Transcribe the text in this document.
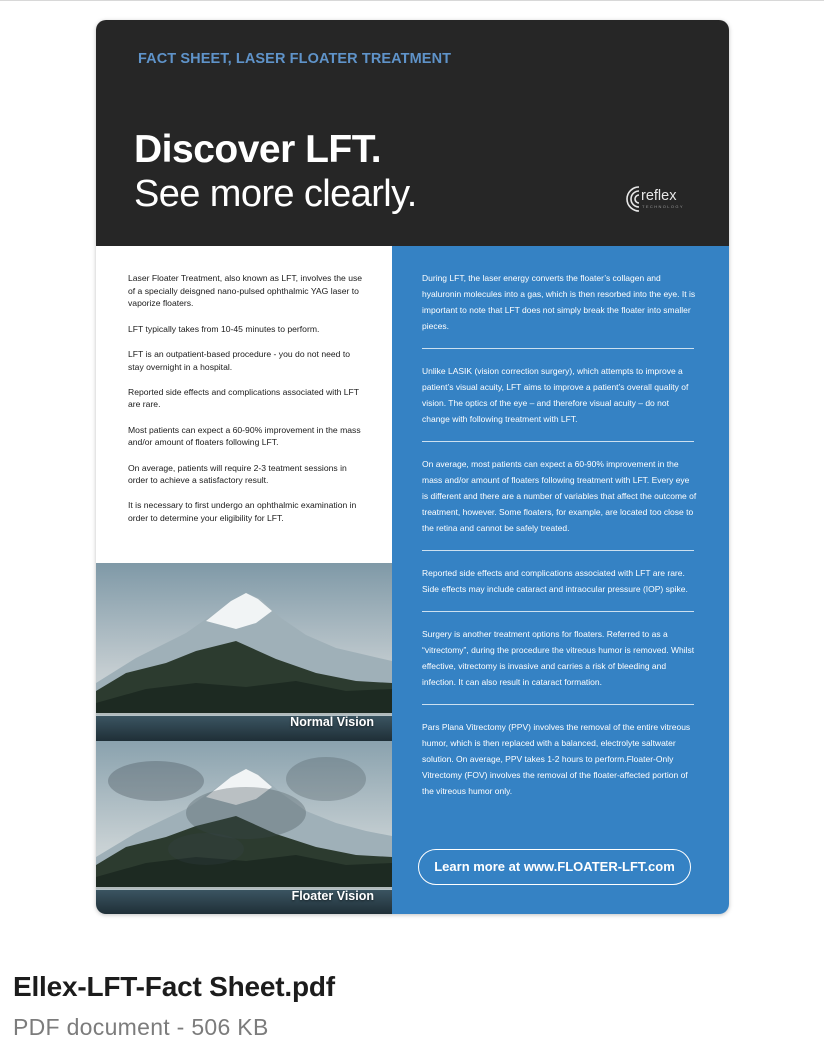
FACT SHEET, LASER FLOATER TREATMENT
Discover LFT.
See more clearly.	reflex
TECHNOLOGY

Laser Floater Treatment, also known as LFT, involves the use of a specially deisgned nano-pulsed ophthalmic YAG laser to vaporize floaters.

LFT typically takes from 10-45 minutes to perform.

LFT is an outpatient-based procedure - you do not need to stay overnight in a hospital.

Reported side effects and complications associated with LFT are rare.

Most patients can expect a 60-90% improvement in the mass and/or amount of floaters following LFT.

On average, patients will require 2-3 teatment sessions in order to achieve a satisfactory result.

It is necessary to first undergo an ophthalmic examination in order to determine your eligibility for LFT.

Normal Vision
Floater Vision
During LFT, the laser energy converts the floater’s collagen and hyaluronin molecules into a gas, which is then resorbed into the eye. It is important to note that LFT does not simply break the floater into smaller pieces.
Unlike LASIK (vision correction surgery), which attempts to improve a patient’s visual acuity, LFT aims to improve a patient’s overall quality of vision. The optics of the eye – and therefore visual acuity – do not change with following treatment with LFT.
On average, most patients can expect a 60-90% improvement in the mass and/or amount of floaters following treatment with LFT. Every eye is different and there are a number of variables that affect the outcome of treatment, however. Some floaters, for example, are located too close to the retina and cannot be safely treated.
Reported side effects and complications associated with LFT are rare. Side effects may include cataract and intraocular pressure (IOP) spike.
Surgery is another treatment options for floaters. Referred to as a “vitrectomy”, during the procedure the vitreous humor is removed. Whilst effective, vitrectomy is invasive and carries a risk of bleeding and infection. It can also result in cataract formation.
Pars Plana Vitrectomy (PPV) involves the removal of the entire vitreous humor, which is then replaced with a balanced, electrolyte saltwater solution. On average, PPV takes 1-2 hours to perform.Floater-Only Vitrectomy (FOV) involves the removal of the floater-affected portion of the vitreous humor only.
Learn more at www.FLOATER-LFT.com
Ellex-LFT-Fact Sheet.pdf
PDF document - 506 KB
